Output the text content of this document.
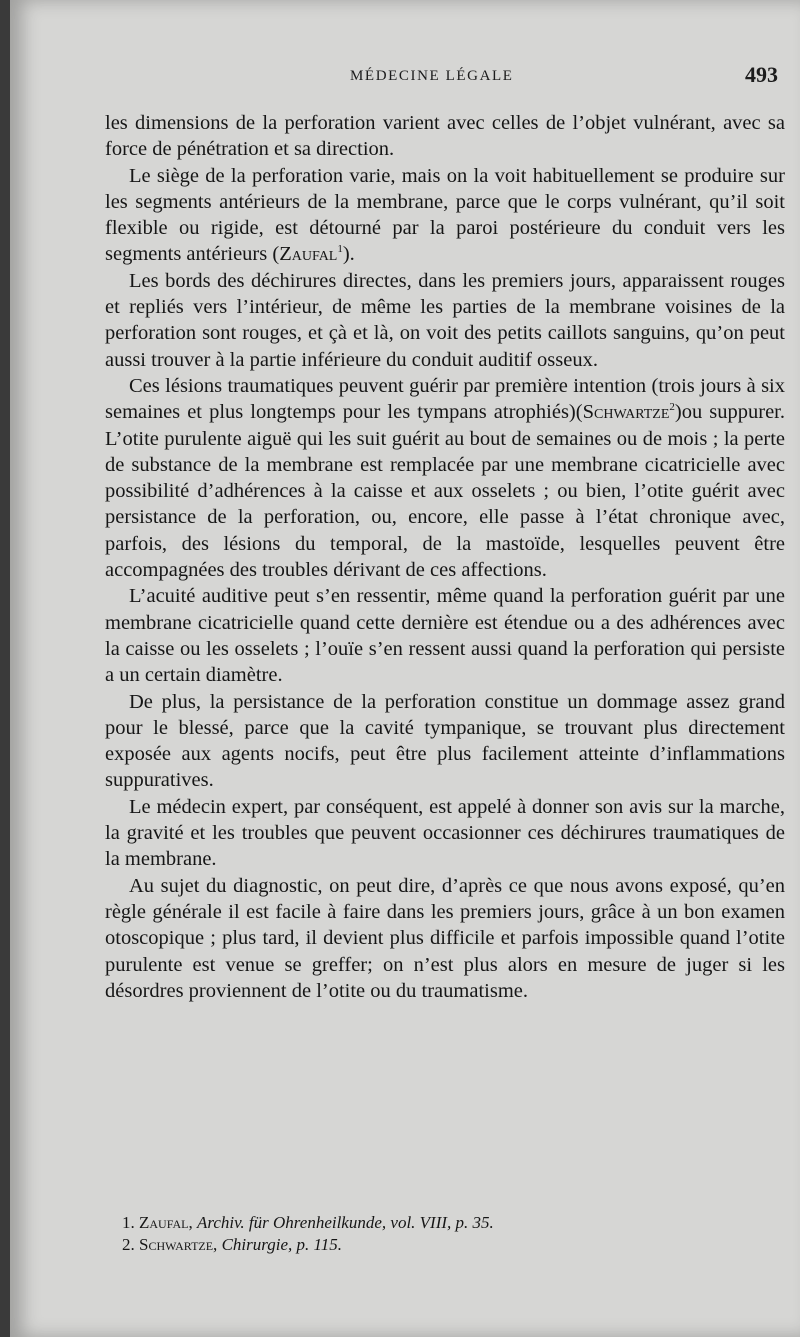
MÉDECINE LÉGALE	493

les dimensions de la perforation varient avec celles de l’objet vulnérant, avec sa force de pénétration et sa direction.

Le siège de la perforation varie, mais on la voit habituellement se produire sur les segments antérieurs de la membrane, parce que le corps vulnérant, qu’il soit flexible ou rigide, est détourné par la paroi postérieure du conduit vers les segments antérieurs (Zaufal$^1$).

Les bords des déchirures directes, dans les premiers jours, apparaissent rouges et repliés vers l’intérieur, de même les parties de la membrane voisines de la perforation sont rouges, et çà et là, on voit des petits caillots sanguins, qu’on peut aussi trouver à la partie inférieure du conduit auditif osseux.

Ces lésions traumatiques peuvent guérir par première intention (trois jours à six semaines et plus longtemps pour les tympans atrophiés)(Schwartze$^2$)ou suppurer. L’otite purulente aiguë qui les suit guérit au bout de semaines ou de mois ; la perte de substance de la membrane est remplacée par une membrane cicatricielle avec possibilité d’adhérences à la caisse et aux osselets ; ou bien, l’otite guérit avec persistance de la perforation, ou, encore, elle passe à l’état chronique avec, parfois, des lésions du temporal, de la mastoïde, lesquelles peuvent être accompagnées des troubles dérivant de ces affections.

L’acuité auditive peut s’en ressentir, même quand la perforation guérit par une membrane cicatricielle quand cette dernière est étendue ou a des adhérences avec la caisse ou les osselets ; l’ouïe s’en ressent aussi quand la perforation qui persiste a un certain diamètre.

De plus, la persistance de la perforation constitue un dommage assez grand pour le blessé, parce que la cavité tympanique, se trouvant plus directement exposée aux agents nocifs, peut être plus facilement atteinte d’inflammations suppuratives.

Le médecin expert, par conséquent, est appelé à donner son avis sur la marche, la gravité et les troubles que peuvent occasionner ces déchirures traumatiques de la membrane.

Au sujet du diagnostic, on peut dire, d’après ce que nous avons exposé, qu’en règle générale il est facile à faire dans les premiers jours, grâce à un bon examen otoscopique ; plus tard, il devient plus difficile et parfois impossible quand l’otite purulente est venue se greffer; on n’est plus alors en mesure de juger si les désordres proviennent de l’otite ou du traumatisme.

1. Zaufal, Archiv. für Ohrenheilkunde, vol. VIII, p. 35.

2. Schwartze, Chirurgie, p. 115.
